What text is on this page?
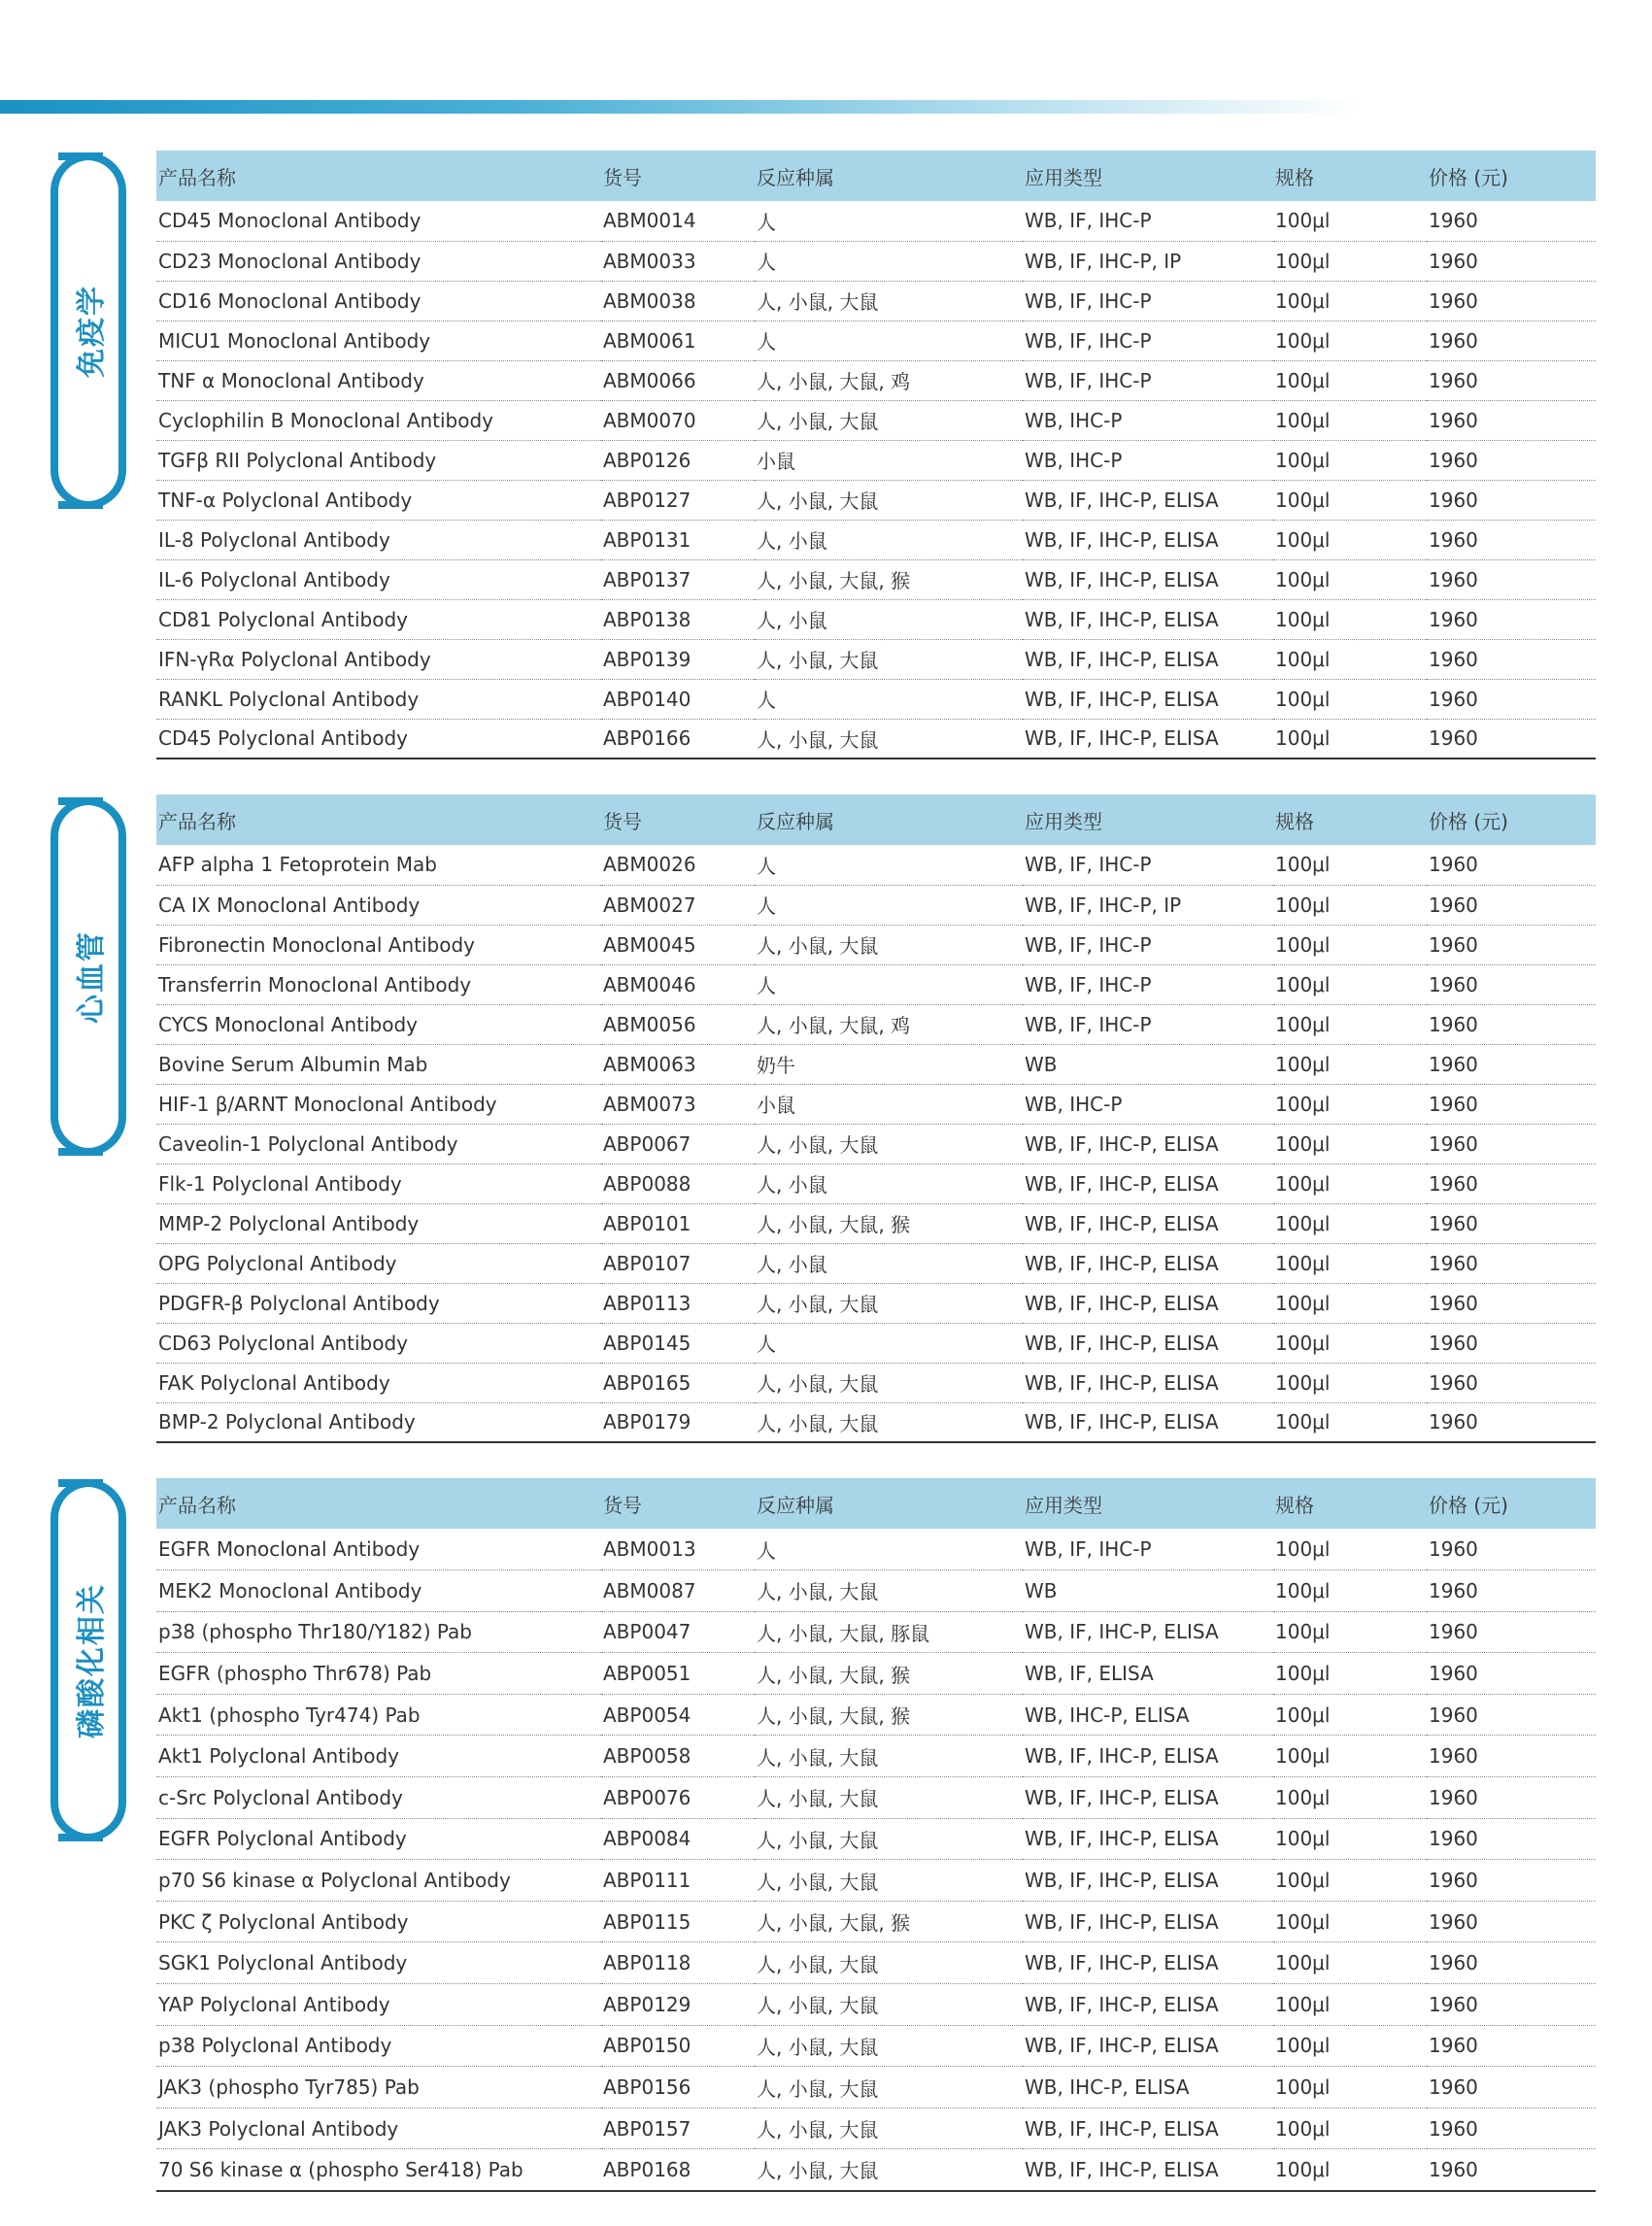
免疫学
心血管
磷酸化相关
产品名称	货号	反应种属	应用类型	规格	价格 (元)
CD45 Monoclonal Antibody	ABM0014	人	WB, IF, IHC-P	100μl	1960
CD23 Monoclonal Antibody	ABM0033	人	WB, IF, IHC-P, IP	100μl	1960
CD16 Monoclonal Antibody	ABM0038	人, 小鼠, 大鼠	WB, IF, IHC-P	100μl	1960
MICU1 Monoclonal Antibody	ABM0061	人	WB, IF, IHC-P	100μl	1960
TNF α Monoclonal Antibody	ABM0066	人, 小鼠, 大鼠, 鸡	WB, IF, IHC-P	100μl	1960
Cyclophilin B Monoclonal Antibody	ABM0070	人, 小鼠, 大鼠	WB, IHC-P	100μl	1960
TGFβ RII Polyclonal Antibody	ABP0126	小鼠	WB, IHC-P	100μl	1960
TNF-α Polyclonal Antibody	ABP0127	人, 小鼠, 大鼠	WB, IF, IHC-P, ELISA	100μl	1960
IL-8 Polyclonal Antibody	ABP0131	人, 小鼠	WB, IF, IHC-P, ELISA	100μl	1960
IL-6 Polyclonal Antibody	ABP0137	人, 小鼠, 大鼠, 猴	WB, IF, IHC-P, ELISA	100μl	1960
CD81 Polyclonal Antibody	ABP0138	人, 小鼠	WB, IF, IHC-P, ELISA	100μl	1960
IFN-γRα Polyclonal Antibody	ABP0139	人, 小鼠, 大鼠	WB, IF, IHC-P, ELISA	100μl	1960
RANKL Polyclonal Antibody	ABP0140	人	WB, IF, IHC-P, ELISA	100μl	1960
CD45 Polyclonal Antibody	ABP0166	人, 小鼠, 大鼠	WB, IF, IHC-P, ELISA	100μl	1960
产品名称	货号	反应种属	应用类型	规格	价格 (元)
AFP alpha 1 Fetoprotein Mab	ABM0026	人	WB, IF, IHC-P	100μl	1960
CA IX Monoclonal Antibody	ABM0027	人	WB, IF, IHC-P, IP	100μl	1960
Fibronectin Monoclonal Antibody	ABM0045	人, 小鼠, 大鼠	WB, IF, IHC-P	100μl	1960
Transferrin Monoclonal Antibody	ABM0046	人	WB, IF, IHC-P	100μl	1960
CYCS Monoclonal Antibody	ABM0056	人, 小鼠, 大鼠, 鸡	WB, IF, IHC-P	100μl	1960
Bovine Serum Albumin Mab	ABM0063	奶牛	WB	100μl	1960
HIF-1 β/ARNT Monoclonal Antibody	ABM0073	小鼠	WB, IHC-P	100μl	1960
Caveolin-1 Polyclonal Antibody	ABP0067	人, 小鼠, 大鼠	WB, IF, IHC-P, ELISA	100μl	1960
Flk-1 Polyclonal Antibody	ABP0088	人, 小鼠	WB, IF, IHC-P, ELISA	100μl	1960
MMP-2 Polyclonal Antibody	ABP0101	人, 小鼠, 大鼠, 猴	WB, IF, IHC-P, ELISA	100μl	1960
OPG Polyclonal Antibody	ABP0107	人, 小鼠	WB, IF, IHC-P, ELISA	100μl	1960
PDGFR-β Polyclonal Antibody	ABP0113	人, 小鼠, 大鼠	WB, IF, IHC-P, ELISA	100μl	1960
CD63 Polyclonal Antibody	ABP0145	人	WB, IF, IHC-P, ELISA	100μl	1960
FAK Polyclonal Antibody	ABP0165	人, 小鼠, 大鼠	WB, IF, IHC-P, ELISA	100μl	1960
BMP-2 Polyclonal Antibody	ABP0179	人, 小鼠, 大鼠	WB, IF, IHC-P, ELISA	100μl	1960
产品名称	货号	反应种属	应用类型	规格	价格 (元)
EGFR Monoclonal Antibody	ABM0013	人	WB, IF, IHC-P	100μl	1960
MEK2 Monoclonal Antibody	ABM0087	人, 小鼠, 大鼠	WB	100μl	1960
p38 (phospho Thr180/Y182) Pab	ABP0047	人, 小鼠, 大鼠, 豚鼠	WB, IF, IHC-P, ELISA	100μl	1960
EGFR (phospho Thr678) Pab	ABP0051	人, 小鼠, 大鼠, 猴	WB, IF, ELISA	100μl	1960
Akt1 (phospho Tyr474) Pab	ABP0054	人, 小鼠, 大鼠, 猴	WB, IHC-P, ELISA	100μl	1960
Akt1 Polyclonal Antibody	ABP0058	人, 小鼠, 大鼠	WB, IF, IHC-P, ELISA	100μl	1960
c-Src Polyclonal Antibody	ABP0076	人, 小鼠, 大鼠	WB, IF, IHC-P, ELISA	100μl	1960
EGFR Polyclonal Antibody	ABP0084	人, 小鼠, 大鼠	WB, IF, IHC-P, ELISA	100μl	1960
p70 S6 kinase α Polyclonal Antibody	ABP0111	人, 小鼠, 大鼠	WB, IF, IHC-P, ELISA	100μl	1960
PKC ζ Polyclonal Antibody	ABP0115	人, 小鼠, 大鼠, 猴	WB, IF, IHC-P, ELISA	100μl	1960
SGK1 Polyclonal Antibody	ABP0118	人, 小鼠, 大鼠	WB, IF, IHC-P, ELISA	100μl	1960
YAP Polyclonal Antibody	ABP0129	人, 小鼠, 大鼠	WB, IF, IHC-P, ELISA	100μl	1960
p38 Polyclonal Antibody	ABP0150	人, 小鼠, 大鼠	WB, IF, IHC-P, ELISA	100μl	1960
JAK3 (phospho Tyr785) Pab	ABP0156	人, 小鼠, 大鼠	WB, IHC-P, ELISA	100μl	1960
JAK3 Polyclonal Antibody	ABP0157	人, 小鼠, 大鼠	WB, IF, IHC-P, ELISA	100μl	1960
70 S6 kinase α (phospho Ser418) Pab	ABP0168	人, 小鼠, 大鼠	WB, IF, IHC-P, ELISA	100μl	1960
